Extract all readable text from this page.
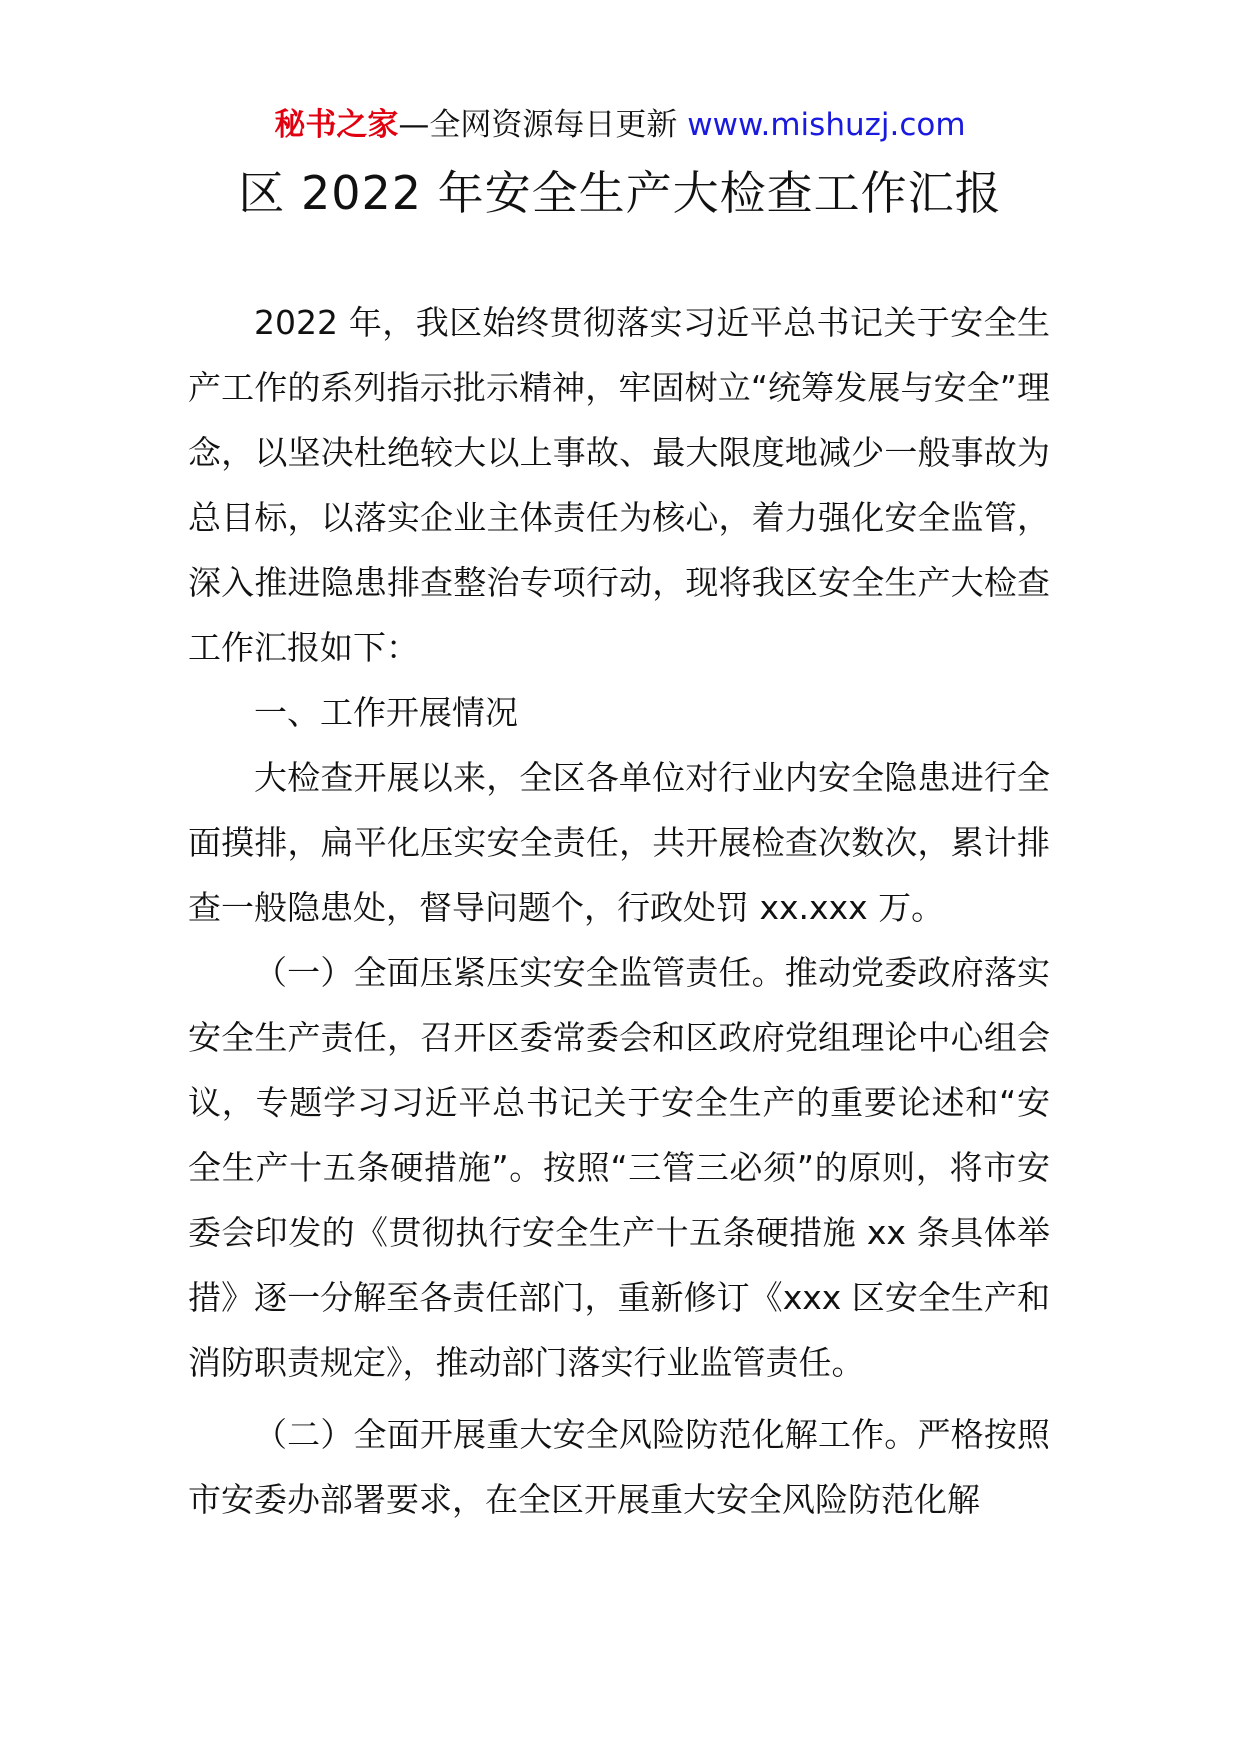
秘书之家—全网资源每日更新 www.mishuzj.com
区 2022 年安全生产大检查工作汇报

2022 年，我区始终贯彻落实习近平总书记关于安全生产工作的系列指示批示精神，牢固树立“统筹发展与安全”理念，以坚决杜绝较大以上事故、最大限度地减少一般事故为总目标，以落实企业主体责任为核心，着力强化安全监管，深入推进隐患排查整治专项行动，现将我区安全生产大检查工作汇报如下：

一、工作开展情况

大检查开展以来，全区各单位对行业内安全隐患进行全面摸排，扁平化压实安全责任，共开展检查次数次，累计排查一般隐患处，督导问题个，行政处罚 xx.xxx 万。

（一）全面压紧压实安全监管责任。推动党委政府落实安全生产责任，召开区委常委会和区政府党组理论中心组会议，专题学习习近平总书记关于安全生产的重要论述和“安全生产十五条硬措施”。按照“三管三必须”的原则，将市安委会印发的《贯彻执行安全生产十五条硬措施 xx 条具体举措》逐一分解至各责任部门，重新修订《xxx 区安全生产和消防职责规定》，推动部门落实行业监管责任。

（二）全面开展重大安全风险防范化解工作。严格按照市安委办部署要求，在全区开展重大安全风险防范化解
